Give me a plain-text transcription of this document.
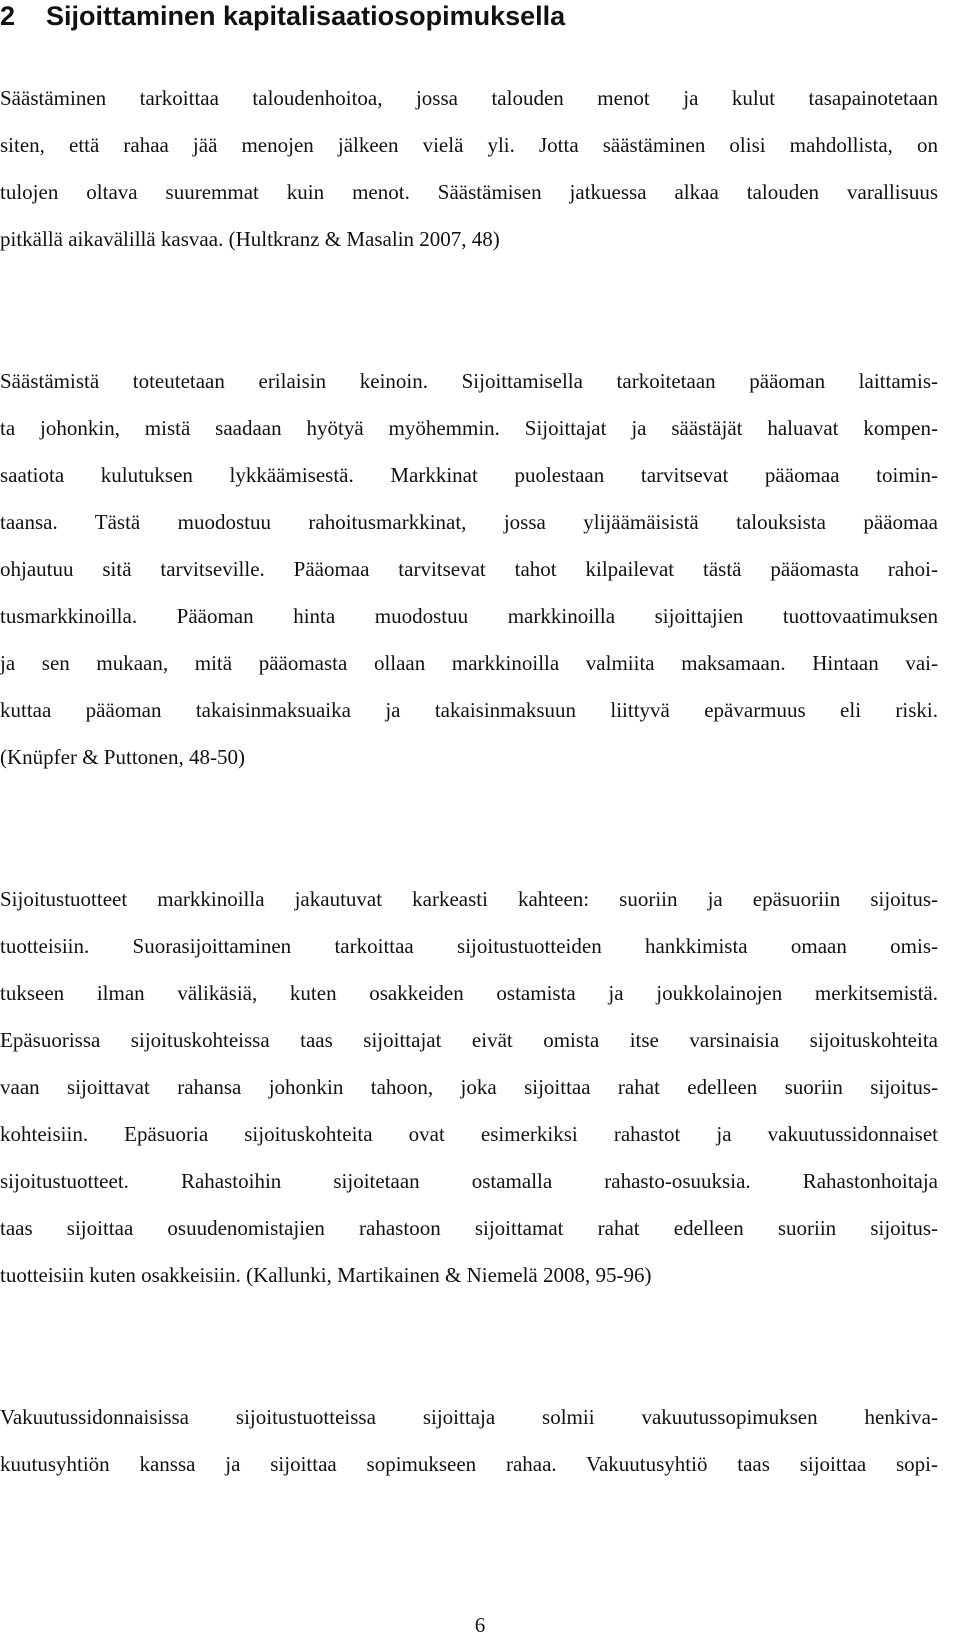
2 Sijoittaminen kapitalisaatiosopimuksella
Säästäminen tarkoittaa taloudenhoitoa, jossa talouden menot ja kulut tasapainotetaan
siten, että rahaa jää menojen jälkeen vielä yli. Jotta säästäminen olisi mahdollista, on
tulojen oltava suuremmat kuin menot. Säästämisen jatkuessa alkaa talouden varallisuus
pitkällä aikavälillä kasvaa. (Hultkranz & Masalin 2007, 48)
Säästämistä toteutetaan erilaisin keinoin. Sijoittamisella tarkoitetaan pääoman laittamis-
ta johonkin, mistä saadaan hyötyä myöhemmin. Sijoittajat ja säästäjät haluavat kompen-
saatiota kulutuksen lykkäämisestä. Markkinat puolestaan tarvitsevat pääomaa toimin-
taansa. Tästä muodostuu rahoitusmarkkinat, jossa ylijäämäisistä talouksista pääomaa
ohjautuu sitä tarvitseville. Pääomaa tarvitsevat tahot kilpailevat tästä pääomasta rahoi-
tusmarkkinoilla. Pääoman hinta muodostuu markkinoilla sijoittajien tuottovaatimuksen
ja sen mukaan, mitä pääomasta ollaan markkinoilla valmiita maksamaan. Hintaan vai-
kuttaa pääoman takaisinmaksuaika ja takaisinmaksuun liittyvä epävarmuus eli riski.
(Knüpfer & Puttonen, 48-50)
Sijoitustuotteet markkinoilla jakautuvat karkeasti kahteen: suoriin ja epäsuoriin sijoitus-
tuotteisiin. Suorasijoittaminen tarkoittaa sijoitustuotteiden hankkimista omaan omis-
tukseen ilman välikäsiä, kuten osakkeiden ostamista ja joukkolainojen merkitsemistä.
Epäsuorissa sijoituskohteissa taas sijoittajat eivät omista itse varsinaisia sijoituskohteita
vaan sijoittavat rahansa johonkin tahoon, joka sijoittaa rahat edelleen suoriin sijoitus-
kohteisiin. Epäsuoria sijoituskohteita ovat esimerkiksi rahastot ja vakuutussidonnaiset
sijoitustuotteet. Rahastoihin sijoitetaan ostamalla rahasto-osuuksia. Rahastonhoitaja
taas sijoittaa osuudenomistajien rahastoon sijoittamat rahat edelleen suoriin sijoitus-
tuotteisiin kuten osakkeisiin. (Kallunki, Martikainen & Niemelä 2008, 95-96)
Vakuutussidonnaisissa sijoitustuotteissa sijoittaja solmii vakuutussopimuksen henkiva-
kuutusyhtiön kanssa ja sijoittaa sopimukseen rahaa. Vakuutusyhtiö taas sijoittaa sopi-
6
